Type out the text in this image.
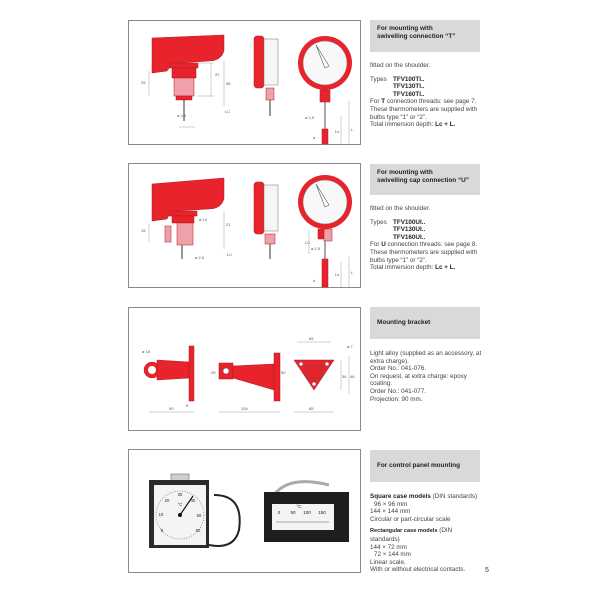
25
22
58
ø 2,5
LC
ø 2,5
L
Ls
d
For mounting with
swivelling connection “T”

fitted on the shoulder.

Types TFV100TI..
TFV130TI..
TFV160TI..

For T connection threads: see page 7.

These thermometers are supplied with bulbs type “1” or “2”.

Total immersion depth: Lc + L.

15
ø 13
21
ø 2,5
LC
ø 2,5
L
Ls
d
LC
For mounting with
swivelling cap connection “U”

fitted on the shoulder.

Types TFV100UI..
TFV130UI..
TFV160UI..

For U connection threads: see page 8.

These thermometers are supplied with bulbs type “1” or “2”.

Total immersion depth: Lc + L.

ø 18
90
25
5
104
50
65
ø 7
36 46
85
Mounting bracket

Light alloy (supplied as an accessory, at extra charge).

Order No.: 041-076.

On request, at extra charge: epoxy coating.

Order No.: 041-077.

Projection: 90 mm.

0
10
20
30
40
50
60
°C
0 50 100 150
°C
For control panel mounting

Square case models (DIN standards)

96 × 96 mm

144 × 144 mm

Circular or part-circular scale

Rectangular case models (DIN standards)

144 × 72 mm

72 × 144 mm

Linear scale.

With or without electrical contacts.	5
